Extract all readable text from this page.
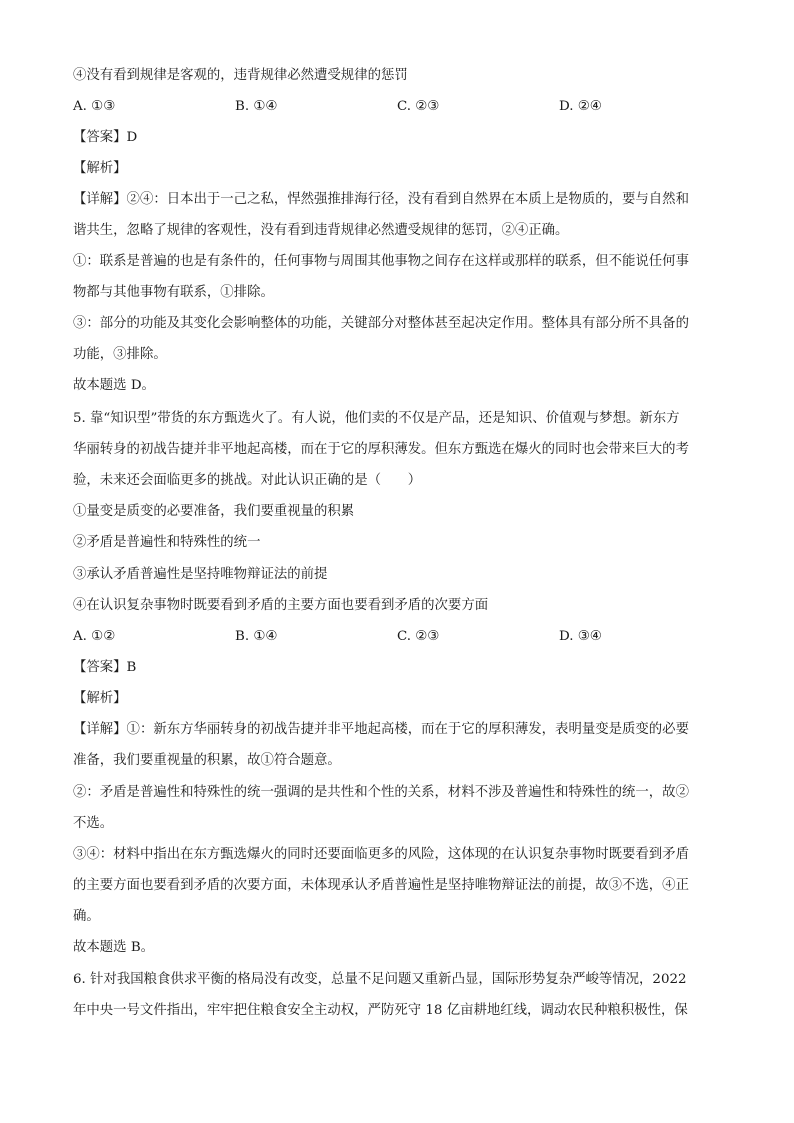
④没有看到规律是客观的，违背规律必然遭受规律的惩罚
A. ①③	B. ①④	C. ②③	D. ②④
【答案】D
【解析】
【详解】②④：日本出于一己之私，悍然强推排海行径，没有看到自然界在本质上是物质的，要与自然和
谐共生，忽略了规律的客观性，没有看到违背规律必然遭受规律的惩罚，②④正确。
①：联系是普遍的也是有条件的，任何事物与周围其他事物之间存在这样或那样的联系，但不能说任何事
物都与其他事物有联系，①排除。
③：部分的功能及其变化会影响整体的功能，关键部分对整体甚至起决定作用。整体具有部分所不具备的
功能，③排除。
故本题选 D。
5. 靠“知识型”带货的东方甄选火了。有人说，他们卖的不仅是产品，还是知识、价值观与梦想。新东方
华丽转身的初战告捷并非平地起高楼，而在于它的厚积薄发。但东方甄选在爆火的同时也会带来巨大的考
验，未来还会面临更多的挑战。对此认识正确的是（　　）
①量变是质变的必要准备，我们要重视量的积累
②矛盾是普遍性和特殊性的统一
③承认矛盾普遍性是坚持唯物辩证法的前提
④在认识复杂事物时既要看到矛盾的主要方面也要看到矛盾的次要方面
A. ①②	B. ①④	C. ②③	D. ③④
【答案】B
【解析】
【详解】①：新东方华丽转身的初战告捷并非平地起高楼，而在于它的厚积薄发，表明量变是质变的必要
准备，我们要重视量的积累，故①符合题意。
②：矛盾是普遍性和特殊性的统一强调的是共性和个性的关系，材料不涉及普遍性和特殊性的统一，故②
不选。
③④：材料中指出在东方甄选爆火的同时还要面临更多的风险，这体现的在认识复杂事物时既要看到矛盾
的主要方面也要看到矛盾的次要方面，未体现承认矛盾普遍性是坚持唯物辩证法的前提，故③不选，④正
确。
故本题选 B。
6. 针对我国粮食供求平衡的格局没有改变，总量不足问题又重新凸显，国际形势复杂严峻等情况，2022
年中央一号文件指出，牢牢把住粮食安全主动权，严防死守 18 亿亩耕地红线，调动农民种粮积极性，保
